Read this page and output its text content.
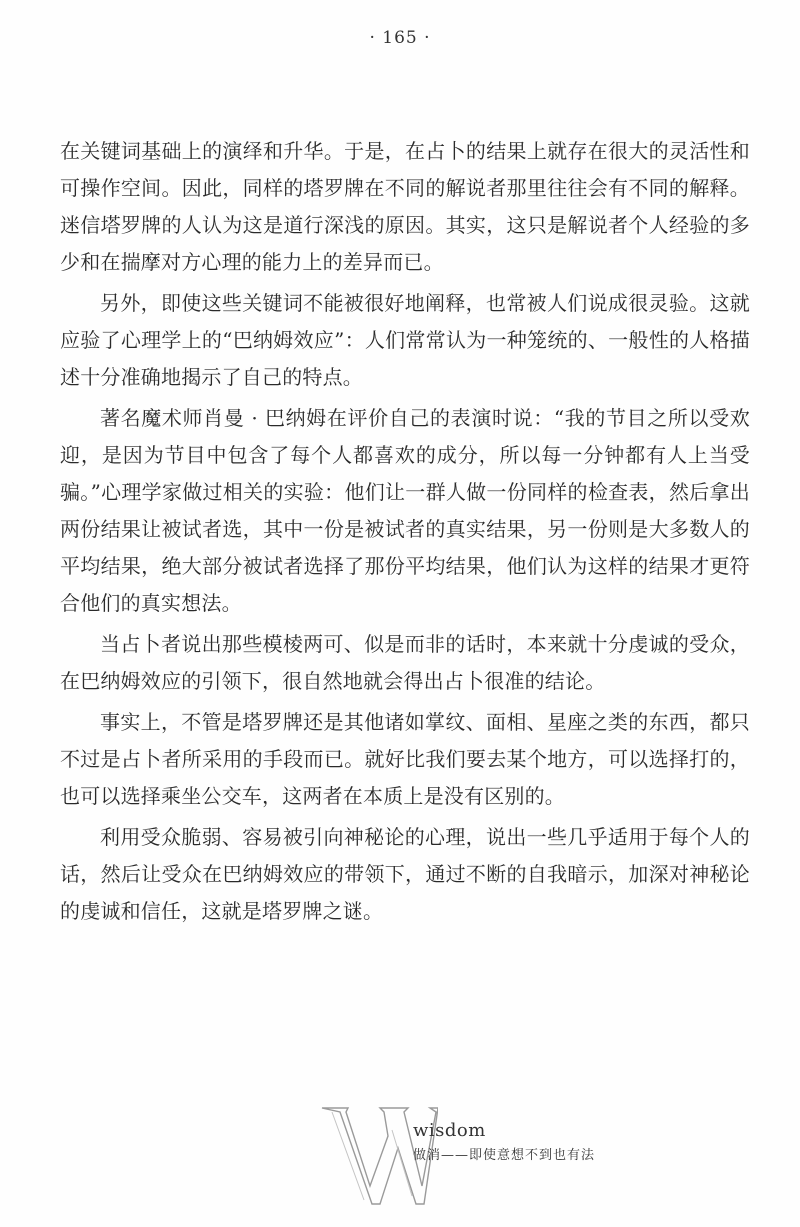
· 165 ·

在关键词基础上的演绎和升华。于是，在占卜的结果上就存在很大的灵活性和可操作空间。因此，同样的塔罗牌在不同的解说者那里往往会有不同的解释。迷信塔罗牌的人认为这是道行深浅的原因。其实，这只是解说者个人经验的多少和在揣摩对方心理的能力上的差异而已。

另外，即使这些关键词不能被很好地阐释，也常被人们说成很灵验。这就应验了心理学上的“巴纳姆效应”：人们常常认为一种笼统的、一般性的人格描述十分准确地揭示了自己的特点。

著名魔术师肖曼 · 巴纳姆在评价自己的表演时说：“我的节目之所以受欢迎，是因为节目中包含了每个人都喜欢的成分，所以每一分钟都有人上当受骗。”心理学家做过相关的实验：他们让一群人做一份同样的检查表，然后拿出两份结果让被试者选，其中一份是被试者的真实结果，另一份则是大多数人的平均结果，绝大部分被试者选择了那份平均结果，他们认为这样的结果才更符合他们的真实想法。

当占卜者说出那些模棱两可、似是而非的话时，本来就十分虔诚的受众，在巴纳姆效应的引领下，很自然地就会得出占卜很准的结论。

事实上，不管是塔罗牌还是其他诸如掌纹、面相、星座之类的东西，都只不过是占卜者所采用的手段而已。就好比我们要去某个地方，可以选择打的，也可以选择乘坐公交车，这两者在本质上是没有区别的。

利用受众脆弱、容易被引向神秘论的心理，说出一些几乎适用于每个人的话，然后让受众在巴纳姆效应的带领下，通过不断的自我暗示，加深对神秘论的虔诚和信任，这就是塔罗牌之谜。

wisdom
做消——即使意想不到也有法
